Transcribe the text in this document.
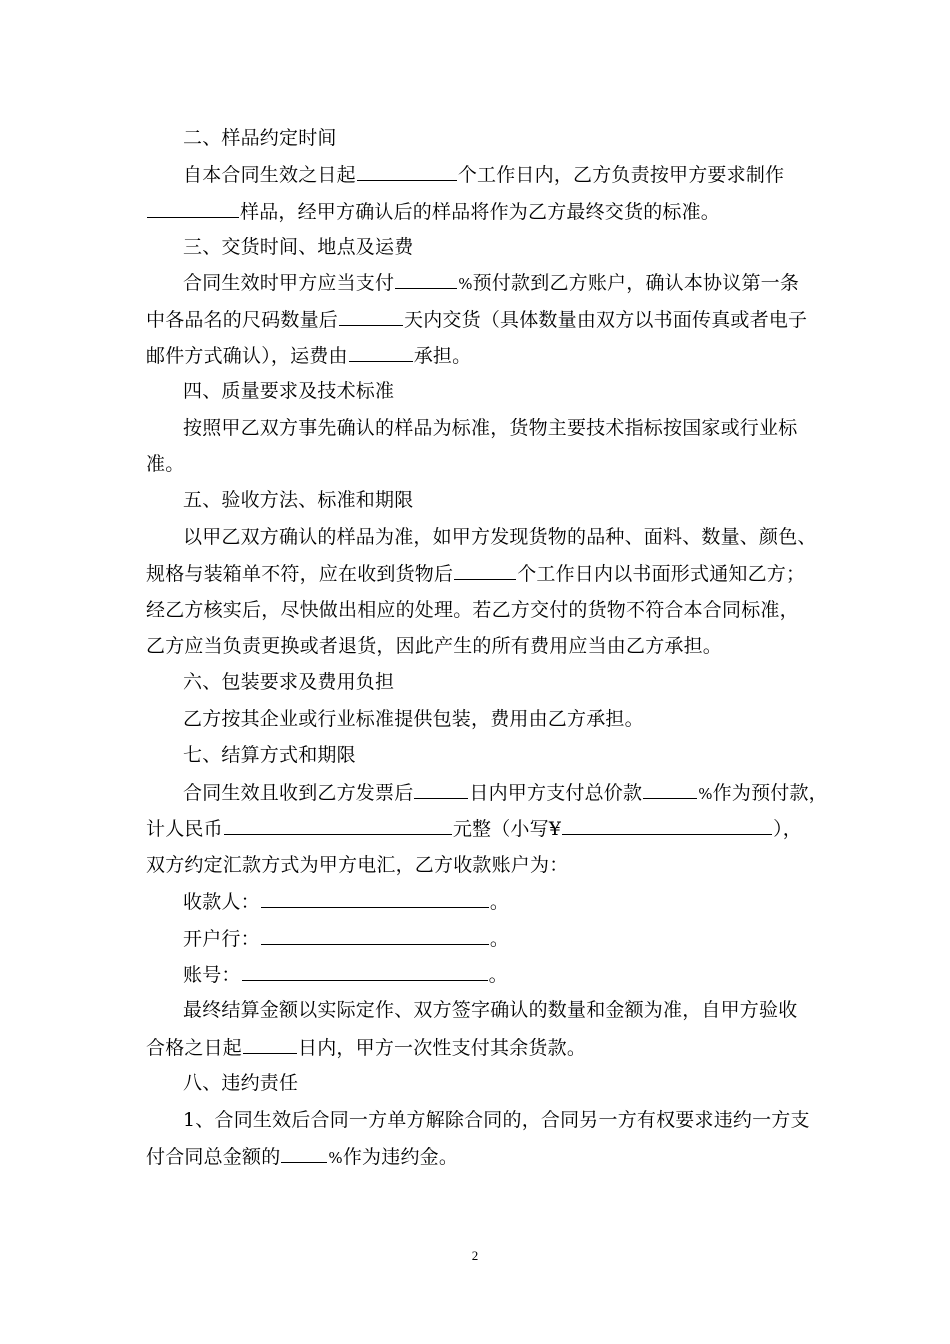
二、样品约定时间
自本合同生效之日起	个工作日内，乙方负责按甲方要求制作
样品，经甲方确认后的样品将作为乙方最终交货的标准。
三、交货时间、地点及运费
合同生效时甲方应当支付	%预付款到乙方账户，确认本协议第一条
中各品名的尺码数量后	天内交货（具体数量由双方以书面传真或者电子
邮件方式确认），运费由	承担。
四、质量要求及技术标准
按照甲乙双方事先确认的样品为标准，货物主要技术指标按国家或行业标
准。
五、验收方法、标准和期限
以甲乙双方确认的样品为准，如甲方发现货物的品种、面料、数量、颜色、
规格与装箱单不符，应在收到货物后	个工作日内以书面形式通知乙方；
经乙方核实后，尽快做出相应的处理。若乙方交付的货物不符合本合同标准，
乙方应当负责更换或者退货，因此产生的所有费用应当由乙方承担。
六、包装要求及费用负担
乙方按其企业或行业标准提供包装，费用由乙方承担。
七、结算方式和期限
合同生效且收到乙方发票后	日内甲方支付总价款	%作为预付款，
计人民币	元整（小写¥	），
双方约定汇款方式为甲方电汇，乙方收款账户为：
收款人：	。
开户行：	。
账号：	。
最终结算金额以实际定作、双方签字确认的数量和金额为准，自甲方验收
合格之日起	日内，甲方一次性支付其余货款。
八、违约责任
1、合同生效后合同一方单方解除合同的，合同另一方有权要求违约一方支
付合同总金额的	%作为违约金。
2
